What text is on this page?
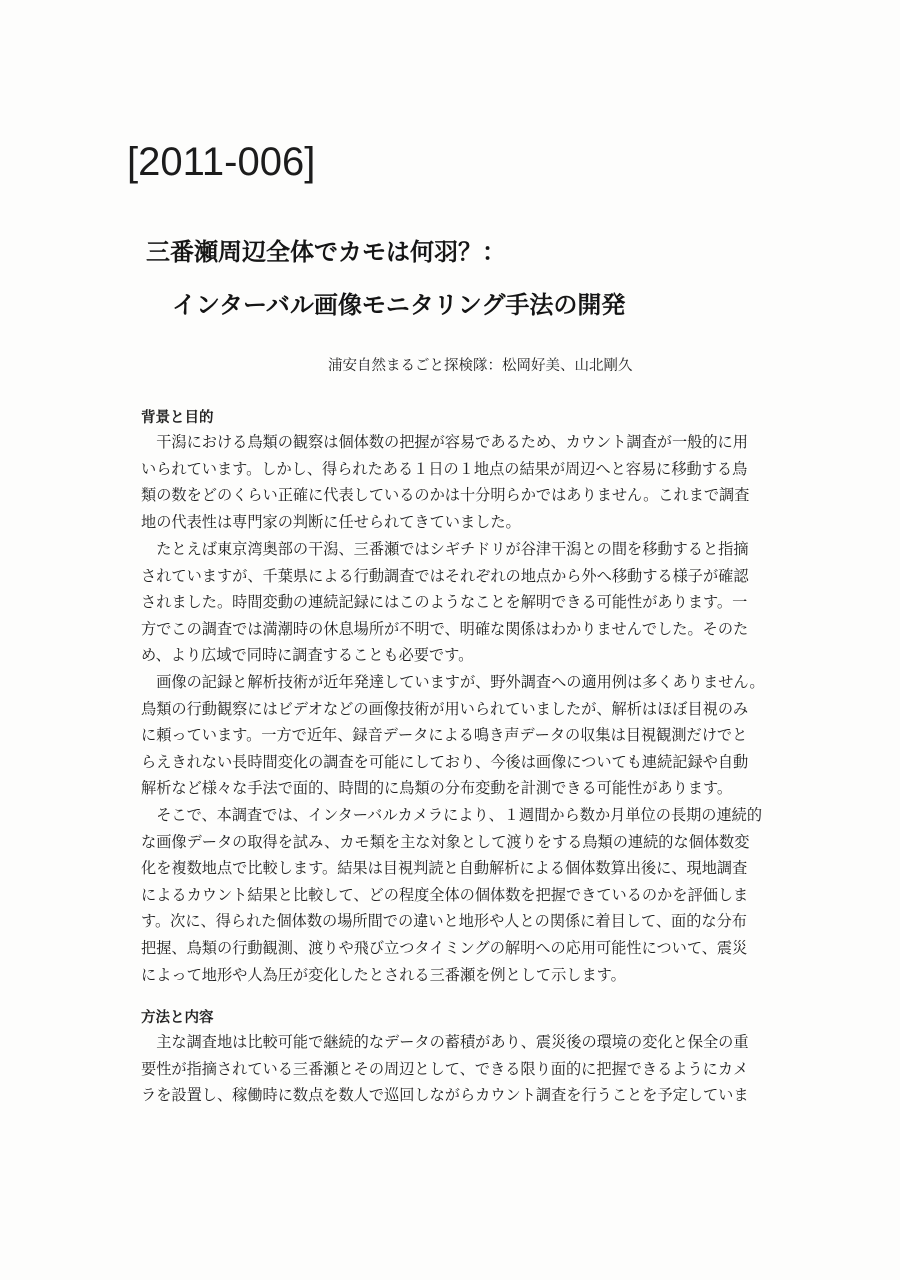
[2011-006]
三番瀬周辺全体でカモは何羽？：
インターバル画像モニタリング手法の開発
浦安自然まるごと探検隊：松岡好美、山北剛久
背景と目的

干潟における鳥類の観察は個体数の把握が容易であるため、カウント調査が一般的に用
いられています。しかし、得られたある１日の１地点の結果が周辺へと容易に移動する鳥
類の数をどのくらい正確に代表しているのかは十分明らかではありません。これまで調査
地の代表性は専門家の判断に任せられてきていました。

たとえば東京湾奥部の干潟、三番瀬ではシギチドリが谷津干潟との間を移動すると指摘
されていますが、千葉県による行動調査ではそれぞれの地点から外へ移動する様子が確認
されました。時間変動の連続記録にはこのようなことを解明できる可能性があります。一
方でこの調査では満潮時の休息場所が不明で、明確な関係はわかりませんでした。そのた
め、より広域で同時に調査することも必要です。

画像の記録と解析技術が近年発達していますが、野外調査への適用例は多くありません。
鳥類の行動観察にはビデオなどの画像技術が用いられていましたが、解析はほぼ目視のみ
に頼っています。一方で近年、録音データによる鳴き声データの収集は目視観測だけでと
らえきれない長時間変化の調査を可能にしており、今後は画像についても連続記録や自動
解析など様々な手法で面的、時間的に鳥類の分布変動を計測できる可能性があります。

そこで、本調査では、インターバルカメラにより、１週間から数か月単位の長期の連続的
な画像データの取得を試み、カモ類を主な対象として渡りをする鳥類の連続的な個体数変
化を複数地点で比較します。結果は目視判読と自動解析による個体数算出後に、現地調査
によるカウント結果と比較して、どの程度全体の個体数を把握できているのかを評価しま
す。次に、得られた個体数の場所間での違いと地形や人との関係に着目して、面的な分布
把握、鳥類の行動観測、渡りや飛び立つタイミングの解明への応用可能性について、震災
によって地形や人為圧が変化したとされる三番瀬を例として示します。

方法と内容

主な調査地は比較可能で継続的なデータの蓄積があり、震災後の環境の変化と保全の重
要性が指摘されている三番瀬とその周辺として、できる限り面的に把握できるようにカメ
ラを設置し、稼働時に数点を数人で巡回しながらカウント調査を行うことを予定していま
